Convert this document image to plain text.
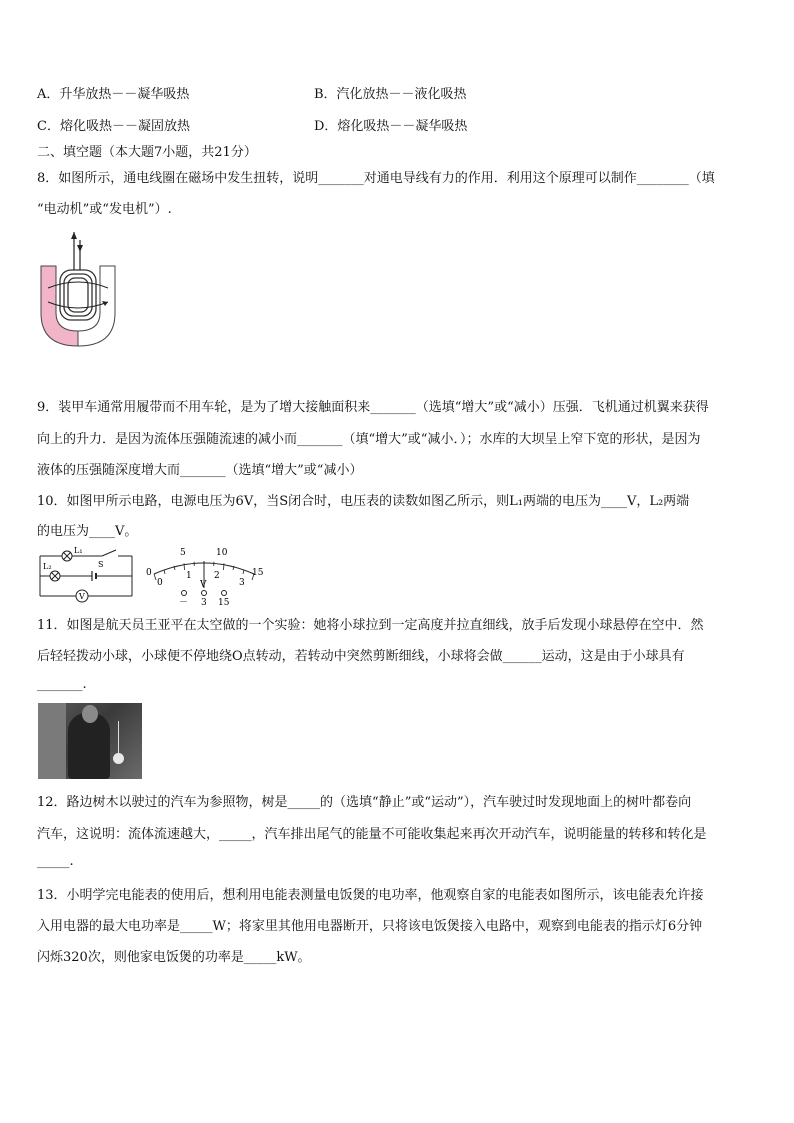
A．升华放热－－凝华吸热	B．汽化放热－－液化吸热
C．熔化吸热－－凝固放热	D．熔化吸热－－凝华吸热
二、填空题（本大题7小题，共21分）
8．如图所示，通电线圈在磁场中发生扭转，说明_______对通电导线有力的作用．利用这个原理可以制作________（填
“电动机”或“发电机”）.
9．装甲车通常用履带而不用车轮，是为了增大接触面积来_______（选填“增大”或“减小）压强．飞机通过机翼来获得
向上的升力．是因为流体压强随流速的减小而_______（填“增大”或“减小．）；水库的大坝呈上窄下宽的形状，是因为
液体的压强随深度增大而_______（选填“增大”或“减小）
10．如图甲所示电路，电源电压为6V，当S闭合时，电压表的读数如图乙所示，则L₁两端的电压为____V，L₂两端
的电压为____V。
L₁
S
L₂
V
5	10
15
0
0
1 2
3
V
－ 3 15
11．如图是航天员王亚平在太空做的一个实验：她将小球拉到一定高度并拉直细线，放手后发现小球悬停在空中．然
后轻轻拨动小球，小球便不停地绕O点转动，若转动中突然剪断细线，小球将会做______运动，这是由于小球具有
_______.
12．路边树木以驶过的汽车为参照物，树是_____的（选填“静止”或“运动”），汽车驶过时发现地面上的树叶都卷向
汽车，这说明：流体流速越大，_____，汽车排出尾气的能量不可能收集起来再次开动汽车，说明能量的转移和转化是
_____.
13．小明学完电能表的使用后，想利用电能表测量电饭煲的电功率，他观察自家的电能表如图所示，该电能表允许接
入用电器的最大电功率是_____W；将家里其他用电器断开，只将该电饭煲接入电路中，观察到电能表的指示灯6分钟
闪烁320次，则他家电饭煲的功率是_____kW。
